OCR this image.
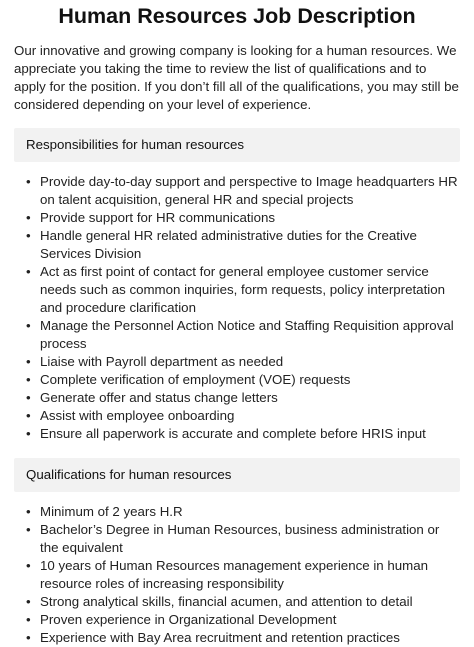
Human Resources Job Description

Our innovative and growing company is looking for a human resources. We appreciate you taking the time to review the list of qualifications and to apply for the position. If you don’t fill all of the qualifications, you may still be considered depending on your level of experience.

Responsibilities for human resources
• Provide day-to-day support and perspective to Image headquarters HR on talent acquisition, general HR and special projects
• Provide support for HR communications
• Handle general HR related administrative duties for the Creative Services Division
• Act as first point of contact for general employee customer service needs such as common inquiries, form requests, policy interpretation and procedure clarification
• Manage the Personnel Action Notice and Staffing Requisition approval process
• Liaise with Payroll department as needed
• Complete verification of employment (VOE) requests
• Generate offer and status change letters
• Assist with employee onboarding
• Ensure all paperwork is accurate and complete before HRIS input
Qualifications for human resources
• Minimum of 2 years H.R
• Bachelor’s Degree in Human Resources, business administration or the equivalent
• 10 years of Human Resources management experience in human resource roles of increasing responsibility
• Strong analytical skills, financial acumen, and attention to detail
• Proven experience in Organizational Development
• Experience with Bay Area recruitment and retention practices
